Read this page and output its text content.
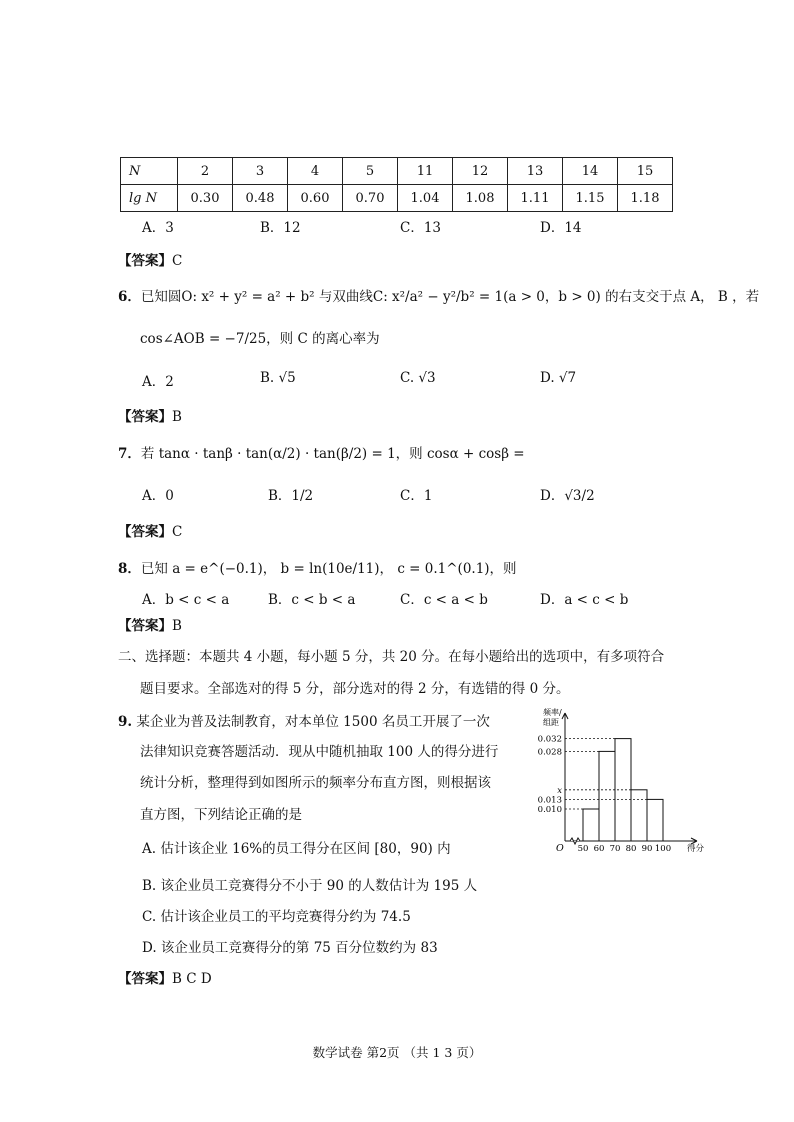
N	2	3	4	5	11	12	13	14	15
lg N	0.30	0.48	0.60	0.70	1.04	1.08	1.11	1.15	1.18
A．3	B．12	C．13	D．14
【答案】C
6．已知圆O: x² + y² = a² + b² 与双曲线C: x²/a² − y²/b² = 1(a > 0，b > 0) 的右支交于点 A， B ，若
cos∠AOB = −7/25，则 C 的离心率为
A．2	B. √5	C. √3	D. √7
【答案】B
7．若 tanα · tanβ · tan(α/2) · tan(β/2) = 1，则 cosα + cosβ =
A．0	B．1/2	C．1	D．√3/2
【答案】C
8．已知 a = e^(−0.1)， b = ln(10e/11)， c = 0.1^(0.1)，则
A．b < c < a	B．c < b < a	C．c < a < b	D．a < c < b
【答案】B
二、选择题：本题共 4 小题，每小题 5 分，共 20 分。在每小题给出的选项中，有多项符合
题目要求。全部选对的得 5 分，部分选对的得 2 分，有选错的得 0 分。
9. 某企业为普及法制教育，对本单位 1500 名员工开展了一次
法律知识竞赛答题活动．现从中随机抽取 100 人的得分进行
统计分析，整理得到如图所示的频率分布直方图，则根据该
直方图，下列结论正确的是
A. 估计该企业 16%的员工得分在区间 [80，90) 内
B. 该企业员工竞赛得分不小于 90 的人数估计为 195 人
C. 估计该企业员工的平均竞赛得分约为 74.5
D. 该企业员工竞赛得分的第 75 百分位数约为 83
【答案】B C D
0.032
0.028
x
0.013
0.010
50 60 70 80 90 100
O
频率/
组距
得分
数学试卷 第2页 （共 1 3 页）
